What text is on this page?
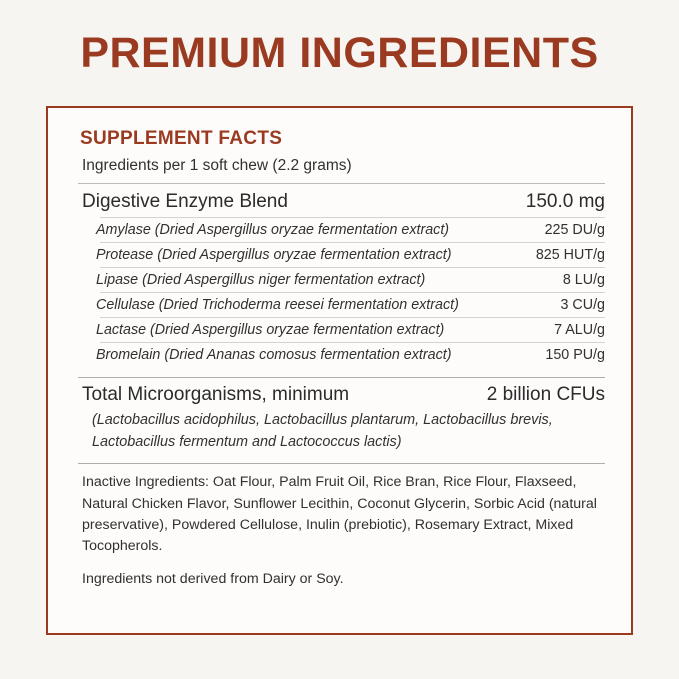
PREMIUM INGREDIENTS
SUPPLEMENT FACTS
Ingredients per 1 soft chew (2.2 grams)
Digestive Enzyme Blend	150.0 mg
Amylase (Dried Aspergillus oryzae fermentation extract)	225 DU/g
Protease (Dried Aspergillus oryzae fermentation extract)	825 HUT/g
Lipase (Dried Aspergillus niger fermentation extract)	8 LU/g
Cellulase (Dried Trichoderma reesei fermentation extract)	3 CU/g
Lactase (Dried Aspergillus oryzae fermentation extract)	7 ALU/g
Bromelain (Dried Ananas comosus fermentation extract)	150 PU/g
Total Microorganisms, minimum	2 billion CFUs
(Lactobacillus acidophilus, Lactobacillus plantarum, Lactobacillus brevis, Lactobacillus fermentum and Lactococcus lactis)
Inactive Ingredients: Oat Flour, Palm Fruit Oil, Rice Bran, Rice Flour, Flaxseed, Natural Chicken Flavor, Sunflower Lecithin, Coconut Glycerin, Sorbic Acid (natural preservative), Powdered Cellulose, Inulin (prebiotic), Rosemary Extract, Mixed Tocopherols.
Ingredients not derived from Dairy or Soy.
